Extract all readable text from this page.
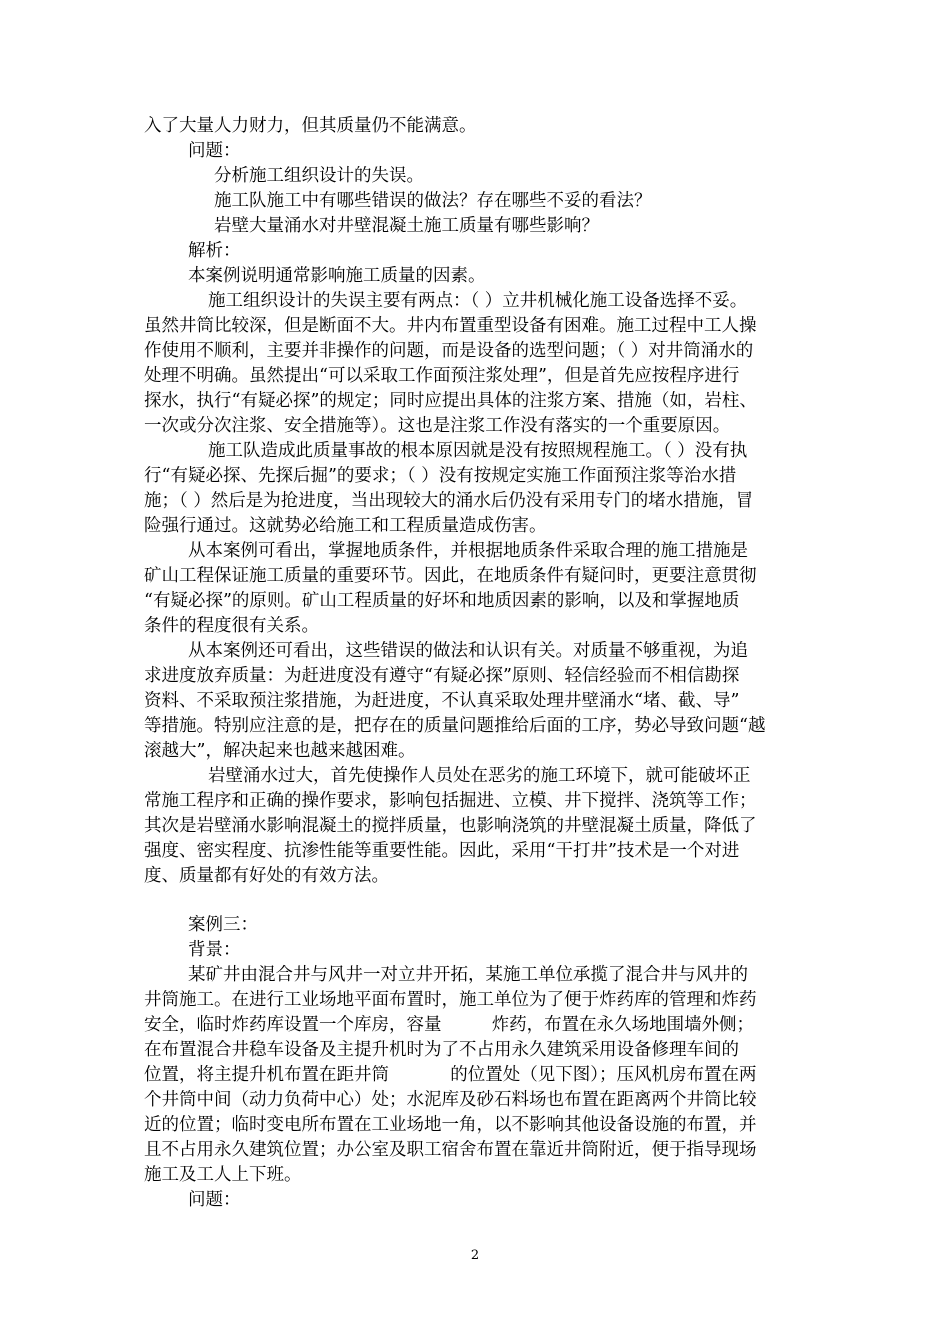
入了大量人力财力，但其质量仍不能满意。
问题：
分析施工组织设计的失误。
施工队施工中有哪些错误的做法？存在哪些不妥的看法？
岩壁大量涌水对井壁混凝土施工质量有哪些影响？
解析：
本案例说明通常影响施工质量的因素。
施工组织设计的失误主要有两点：（ ）立井机械化施工设备选择不妥。
虽然井筒比较深，但是断面不大。井内布置重型设备有困难。施工过程中工人操
作使用不顺利，主要并非操作的问题，而是设备的选型问题；（ ）对井筒涌水的
处理不明确。虽然提出“可以采取工作面预注浆处理”，但是首先应按程序进行
探水，执行“有疑必探”的规定；同时应提出具体的注浆方案、措施（如，岩柱、
一次或分次注浆、安全措施等）。这也是注浆工作没有落实的一个重要原因。
施工队造成此质量事故的根本原因就是没有按照规程施工。（ ）没有执
行“有疑必探、先探后掘”的要求；（ ）没有按规定实施工作面预注浆等治水措
施；（ ）然后是为抢进度，当出现较大的涌水后仍没有采用专门的堵水措施，冒
险强行通过。这就势必给施工和工程质量造成伤害。
从本案例可看出，掌握地质条件，并根据地质条件采取合理的施工措施是
矿山工程保证施工质量的重要环节。因此，在地质条件有疑问时，更要注意贯彻
“有疑必探”的原则。矿山工程质量的好坏和地质因素的影响，以及和掌握地质
条件的程度很有关系。
从本案例还可看出，这些错误的做法和认识有关。对质量不够重视，为追
求进度放弃质量：为赶进度没有遵守“有疑必探”原则、轻信经验而不相信勘探
资料、不采取预注浆措施，为赶进度，不认真采取处理井壁涌水“堵、截、导”
等措施。特别应注意的是，把存在的质量问题推给后面的工序，势必导致问题“越
滚越大”，解决起来也越来越困难。
岩壁涌水过大，首先使操作人员处在恶劣的施工环境下，就可能破坏正
常施工程序和正确的操作要求，影响包括掘进、立模、井下搅拌、浇筑等工作；
其次是岩壁涌水影响混凝土的搅拌质量，也影响浇筑的井壁混凝土质量，降低了
强度、密实程度、抗渗性能等重要性能。因此，采用“干打井”技术是一个对进
度、质量都有好处的有效方法。
案例三：
背景：
某矿井由混合井与风井一对立井开拓，某施工单位承揽了混合井与风井的
井筒施工。在进行工业场地平面布置时，施工单位为了便于炸药库的管理和炸药
安全，临时炸药库设置一个库房，容量         炸药，布置在永久场地围墙外侧；
在布置混合井稳车设备及主提升机时为了不占用永久建筑采用设备修理车间的
位置，将主提升机布置在距井筒           的位置处（见下图）；压风机房布置在两
个井筒中间（动力负荷中心）处；水泥库及砂石料场也布置在距离两个井筒比较
近的位置；临时变电所布置在工业场地一角，以不影响其他设备设施的布置，并
且不占用永久建筑位置；办公室及职工宿舍布置在靠近井筒附近，便于指导现场
施工及工人上下班。
问题：
2
